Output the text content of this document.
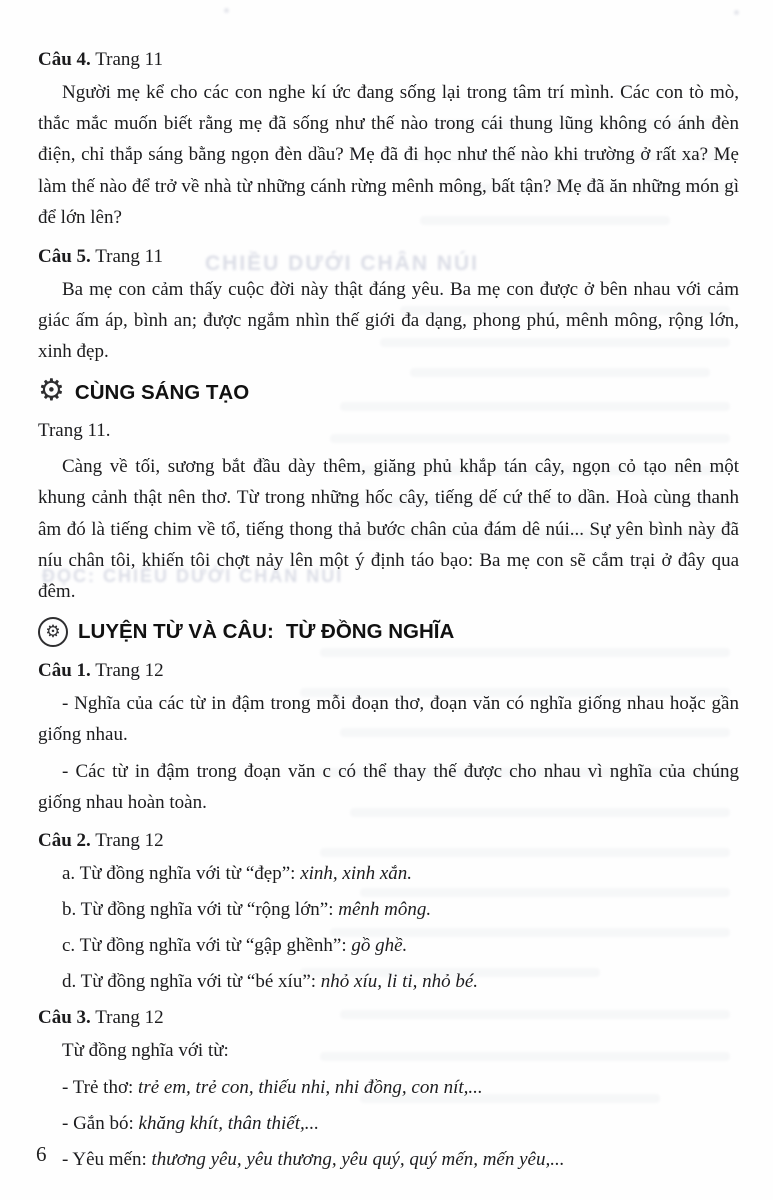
CHIỀU DƯỚI CHÂN NÚI
ĐỌC: CHIỀU DƯỚI CHÂN NÚI

Câu 4. Trang 11

Người mẹ kể cho các con nghe kí ức đang sống lại trong tâm trí mình. Các con tò mò, thắc mắc muốn biết rằng mẹ đã sống như thế nào trong cái thung lũng không có ánh đèn điện, chỉ thắp sáng bằng ngọn đèn dầu? Mẹ đã đi học như thế nào khi trường ở rất xa? Mẹ làm thế nào để trở về nhà từ những cánh rừng mênh mông, bất tận? Mẹ đã ăn những món gì để lớn lên?

Câu 5. Trang 11

Ba mẹ con cảm thấy cuộc đời này thật đáng yêu. Ba mẹ con được ở bên nhau với cảm giác ấm áp, bình an; được ngắm nhìn thế giới đa dạng, phong phú, mênh mông, rộng lớn, xinh đẹp.

⚙ CÙNG SÁNG TẠO

Trang 11.

Càng về tối, sương bắt đầu dày thêm, giăng phủ khắp tán cây, ngọn cỏ tạo nên một khung cảnh thật nên thơ. Từ trong những hốc cây, tiếng dế cứ thế to dần. Hoà cùng thanh âm đó là tiếng chim về tổ, tiếng thong thả bước chân của đám dê núi... Sự yên bình này đã níu chân tôi, khiến tôi chợt nảy lên một ý định táo bạo: Ba mẹ con sẽ cắm trại ở đây qua đêm.

⚙ LUYỆN TỪ VÀ CÂU: TỪ ĐỒNG NGHĨA

Câu 1. Trang 12

- Nghĩa của các từ in đậm trong mỗi đoạn thơ, đoạn văn có nghĩa giống nhau hoặc gần giống nhau.

- Các từ in đậm trong đoạn văn c có thể thay thế được cho nhau vì nghĩa của chúng giống nhau hoàn toàn.

Câu 2. Trang 12

a. Từ đồng nghĩa với từ “đẹp”: xinh, xinh xắn.

b. Từ đồng nghĩa với từ “rộng lớn”: mênh mông.

c. Từ đồng nghĩa với từ “gập ghềnh”: gồ ghề.

d. Từ đồng nghĩa với từ “bé xíu”: nhỏ xíu, li ti, nhỏ bé.

Câu 3. Trang 12

Từ đồng nghĩa với từ:

- Trẻ thơ: trẻ em, trẻ con, thiếu nhi, nhi đồng, con nít,...

- Gắn bó: khăng khít, thân thiết,...

- Yêu mến: thương yêu, yêu thương, yêu quý, quý mến, mến yêu,...

6
